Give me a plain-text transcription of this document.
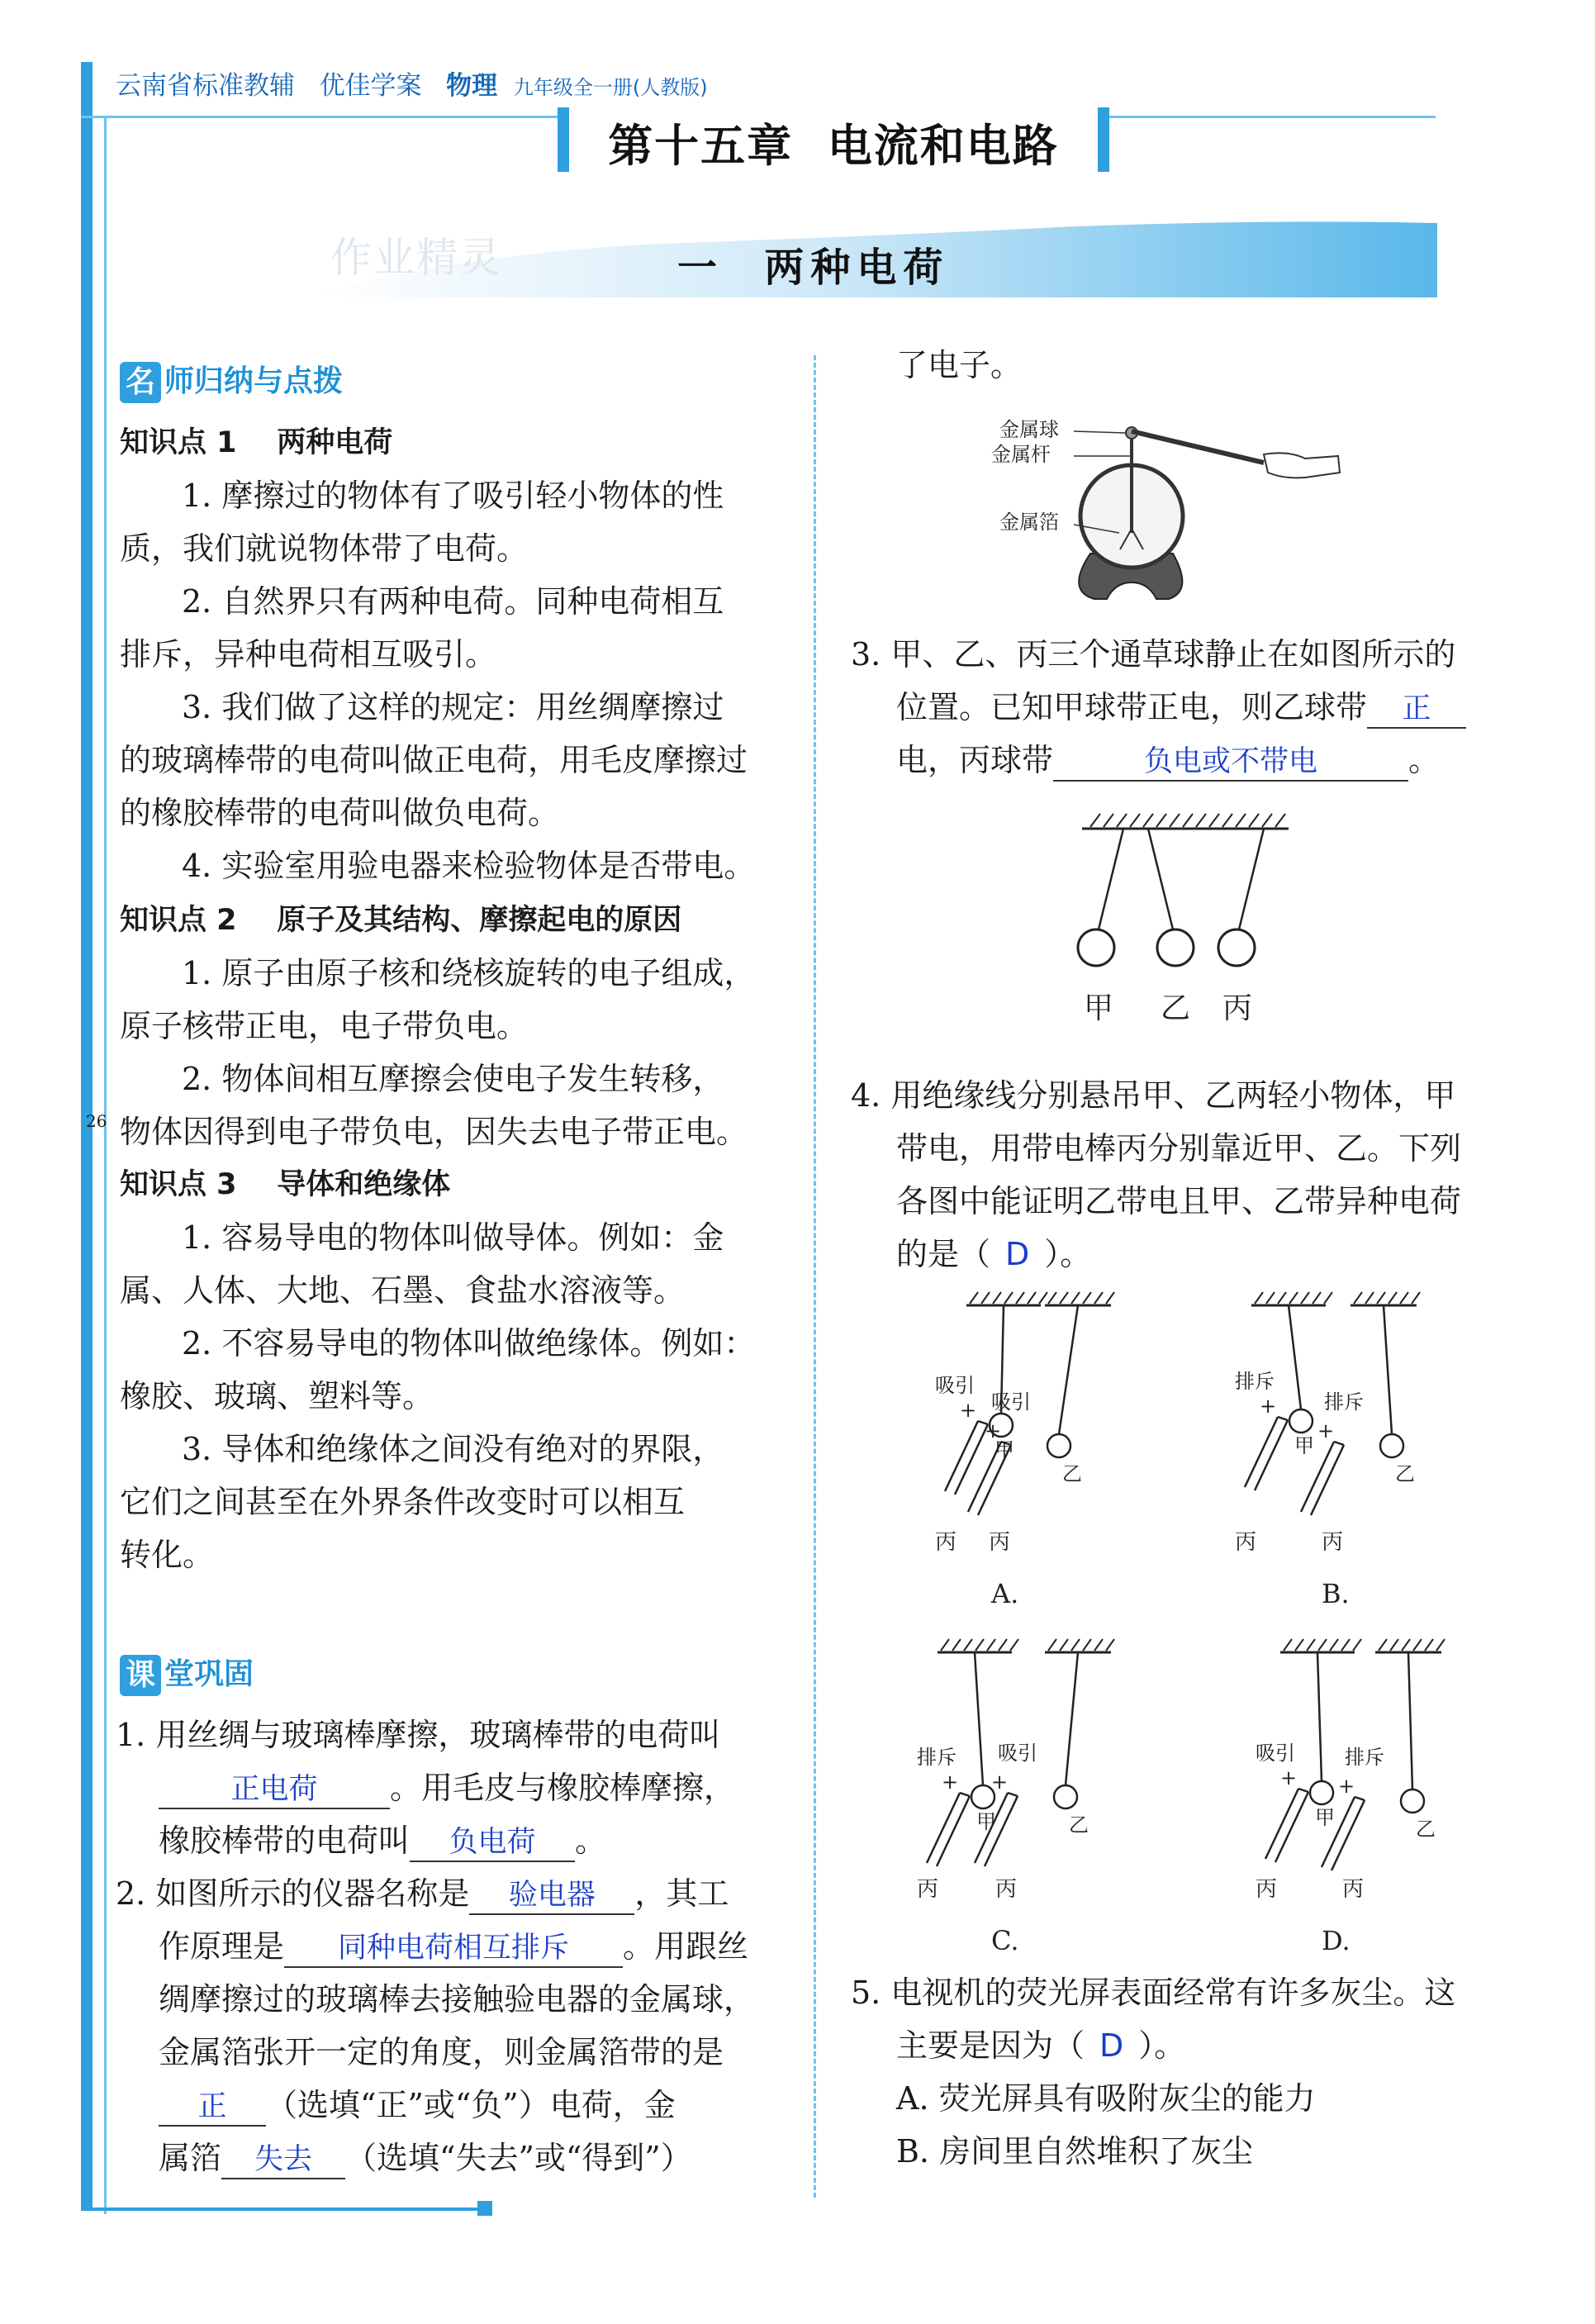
云南省标准教辅 优佳学案 物理 九年级全一册(人教版)
第十五章  电流和电路
作业精灵	一  两种电荷
26
名 师归纳与点拨
知识点 1    两种电荷
1. 摩擦过的物体有了吸引轻小物体的性
质，我们就说物体带了电荷。
2. 自然界只有两种电荷。同种电荷相互
排斥，异种电荷相互吸引。
3. 我们做了这样的规定：用丝绸摩擦过
的玻璃棒带的电荷叫做正电荷，用毛皮摩擦过
的橡胶棒带的电荷叫做负电荷。
4. 实验室用验电器来检验物体是否带电。
知识点 2    原子及其结构、摩擦起电的原因
1. 原子由原子核和绕核旋转的电子组成，
原子核带正电，电子带负电。
2. 物体间相互摩擦会使电子发生转移，
物体因得到电子带负电，因失去电子带正电。
知识点 3    导体和绝缘体
1. 容易导电的物体叫做导体。例如：金
属、人体、大地、石墨、食盐水溶液等。
2. 不容易导电的物体叫做绝缘体。例如：
橡胶、玻璃、塑料等。
3. 导体和绝缘体之间没有绝对的界限，
它们之间甚至在外界条件改变时可以相互
转化。
课 堂巩固
1. 用丝绸与玻璃棒摩擦，玻璃棒带的电荷叫
正电荷 。用毛皮与橡胶棒摩擦，
橡胶棒带的电荷叫 负电荷 。
2. 如图所示的仪器名称是 验电器 ，其工
作原理是 同种电荷相互排斥 。用跟丝
绸摩擦过的玻璃棒去接触验电器的金属球，
金属箔张开一定的角度，则金属箔带的是
正 （选填“正”或“负”）电荷，金
属箔 失去 （选填“失去”或“得到”）
了电子。
金属球
金属杆
金属箔
3. 甲、乙、丙三个通草球静止在如图所示的
位置。已知甲球带正电，则乙球带 正
电，丙球带	负电或不带电	。
甲 乙 丙
4. 用绝缘线分别悬吊甲、乙两轻小物体，甲
带电，用带电棒丙分别靠近甲、乙。下列
各图中能证明乙带电且甲、乙带异种电荷
的是（ D ）。
吸引
吸引
+
+
甲
乙
丙 丙
A.
排斥
排斥
+
+
甲
乙
丙	丙
B.
排斥 吸引
+ +
甲	乙
丙	丙
C.
吸引	排斥
+ +
甲	乙
丙	丙
D.
5. 电视机的荧光屏表面经常有许多灰尘。这
主要是因为（ D ）。
A. 荧光屏具有吸附灰尘的能力
B. 房间里自然堆积了灰尘
